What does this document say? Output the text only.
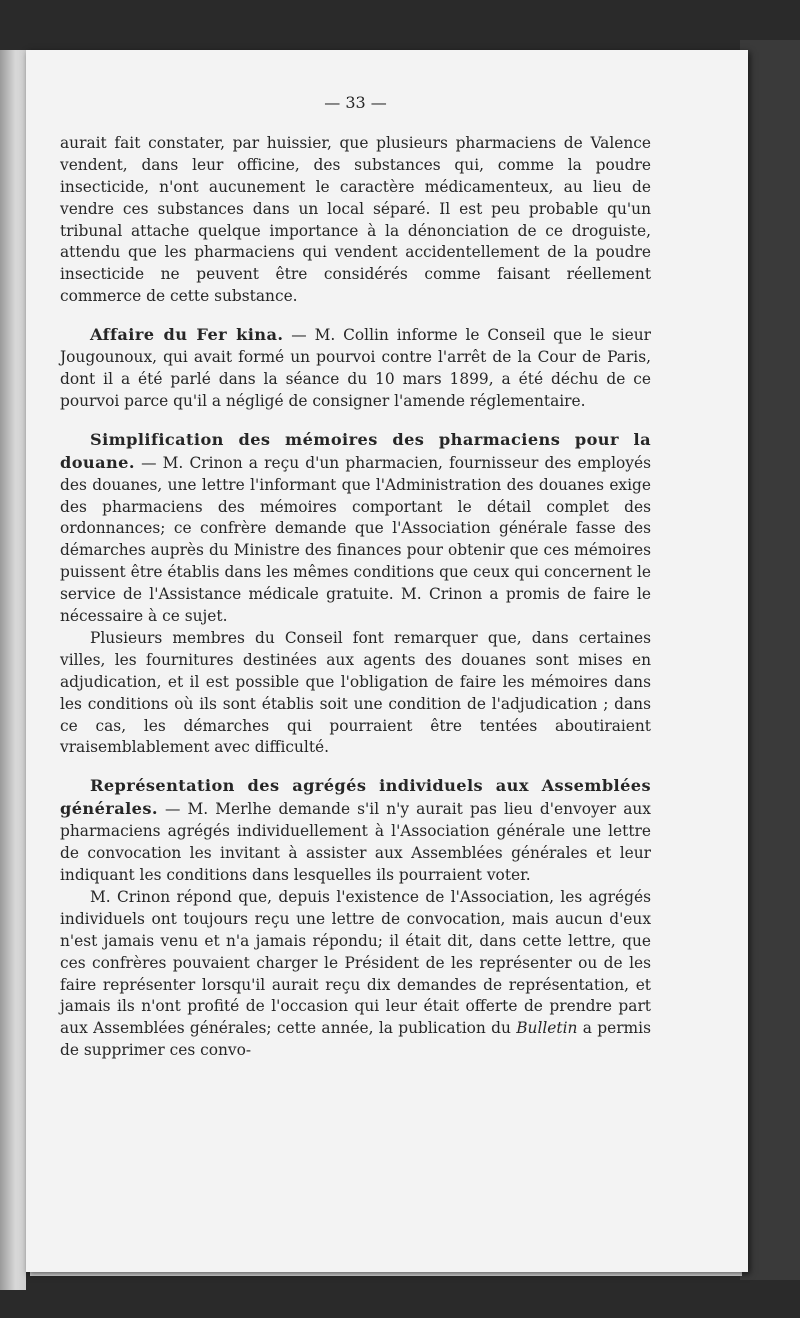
— 33 —

aurait fait constater, par huissier, que plusieurs pharmaciens de Valence vendent, dans leur officine, des substances qui, comme la poudre insecticide, n'ont aucunement le caractère médicamenteux, au lieu de vendre ces substances dans un local séparé. Il est peu probable qu'un tribunal attache quelque importance à la dénonciation de ce droguiste, attendu que les pharmaciens qui vendent accidentellement de la poudre insecticide ne peuvent être considérés comme faisant réellement commerce de cette substance.

Affaire du Fer kina. — M. Collin informe le Conseil que le sieur Jougounoux, qui avait formé un pourvoi contre l'arrêt de la Cour de Paris, dont il a été parlé dans la séance du 10 mars 1899, a été déchu de ce pourvoi parce qu'il a négligé de consigner l'amende réglementaire.

Simplification des mémoires des pharmaciens pour la douane. — M. Crinon a reçu d'un pharmacien, fournisseur des employés des douanes, une lettre l'informant que l'Administration des douanes exige des pharmaciens des mémoires comportant le détail complet des ordonnances; ce confrère demande que l'Association générale fasse des démarches auprès du Ministre des finances pour obtenir que ces mémoires puissent être établis dans les mêmes conditions que ceux qui concernent le service de l'Assistance médicale gratuite. M. Crinon a promis de faire le nécessaire à ce sujet.

Plusieurs membres du Conseil font remarquer que, dans certaines villes, les fournitures destinées aux agents des douanes sont mises en adjudication, et il est possible que l'obligation de faire les mémoires dans les conditions où ils sont établis soit une condition de l'adjudication ; dans ce cas, les démarches qui pourraient être tentées aboutiraient vraisemblablement avec difficulté.

Représentation des agrégés individuels aux Assemblées générales. — M. Merlhe demande s'il n'y aurait pas lieu d'envoyer aux pharmaciens agrégés individuellement à l'Association générale une lettre de convocation les invitant à assister aux Assemblées générales et leur indiquant les conditions dans lesquelles ils pourraient voter.

M. Crinon répond que, depuis l'existence de l'Association, les agrégés individuels ont toujours reçu une lettre de convocation, mais aucun d'eux n'est jamais venu et n'a jamais répondu; il était dit, dans cette lettre, que ces confrères pouvaient charger le Président de les représenter ou de les faire représenter lorsqu'il aurait reçu dix demandes de représentation, et jamais ils n'ont profité de l'occasion qui leur était offerte de prendre part aux Assemblées générales; cette année, la publication du Bulletin a permis de supprimer ces convo-
